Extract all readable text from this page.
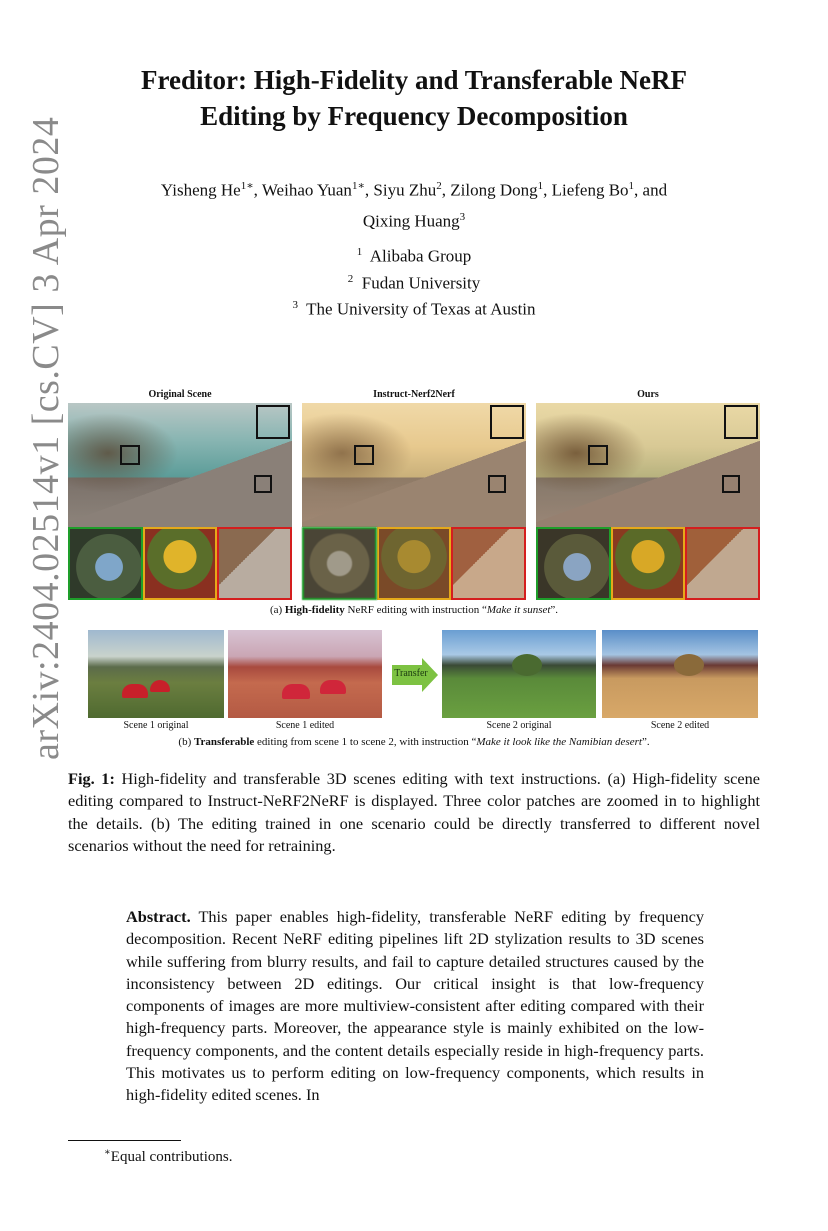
arXiv:2404.02514v1 [cs.CV] 3 Apr 2024
Freditor: High-Fidelity and Transferable NeRF
Editing by Frequency Decomposition
Yisheng $He^{1∗}$, Weihao Yuan$^{1∗}$, Siyu Zhu$^2$, Zilong Dong$^1$, Liefeng Bo$^1$, and
Qixing Huang$^3$
$^1$ Alibaba Group
$^2$ Fudan University
$^3$ The University of Texas at Austin
Original Scene	Instruct-Nerf2Nerf	Ours
(a) High-fidelity NeRF editing with instruction “Make it sunset”.
Transfer
Scene 1 original	Scene 1 edited	Scene 2 original	Scene 2 edited
(b) Transferable editing from scene 1 to scene 2, with instruction “Make it look like the Namibian desert”.
Fig. 1: High-fidelity and transferable 3D scenes editing with text instructions. (a) High-fidelity scene editing compared to Instruct-NeRF2NeRF is displayed. Three color patches are zoomed in to highlight the details. (b) The editing trained in one scenario could be directly transferred to different novel scenarios without the need for retraining.
Abstract. This paper enables high-fidelity, transferable NeRF editing by frequency decomposition. Recent NeRF editing pipelines lift 2D stylization results to 3D scenes while suffering from blurry results, and fail to capture detailed structures caused by the inconsistency between 2D editings. Our critical insight is that low-frequency components of images are more multiview-consistent after editing compared with their high-frequency parts. Moreover, the appearance style is mainly exhibited on the low-frequency components, and the content details especially reside in high-frequency parts. This motivates us to perform editing on low-frequency components, which results in high-fidelity edited scenes. In
∗Equal contributions.
